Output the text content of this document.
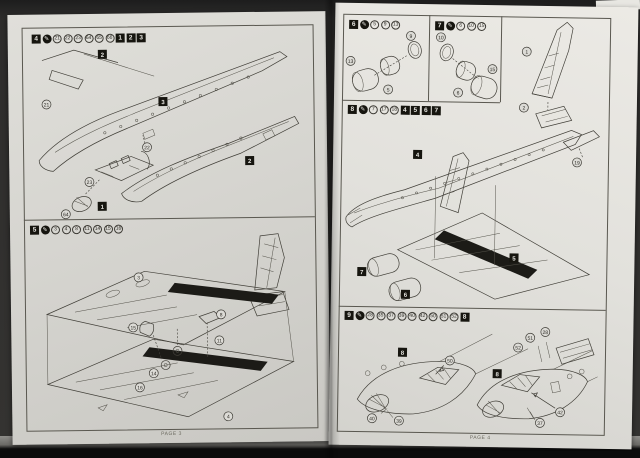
4	✎	21 22 23 64 65 66 1	2	3
2
3
2
1
21
22
23
64
5	✎	3	4	8	11	14 15 16
3
15
8
11
14
16
4
PAGE 3
6	✎	5	9	13
9
5
13
7	✎	6	10 15
10
6
15
1
2
8	✎	7	17 18 4	5	6	7
4
5
7
6
19
9	✎	28 35 37 39 40 42 50 51 52 8
8
50
40	39
8
51
52
28
42
37
PAGE 4
